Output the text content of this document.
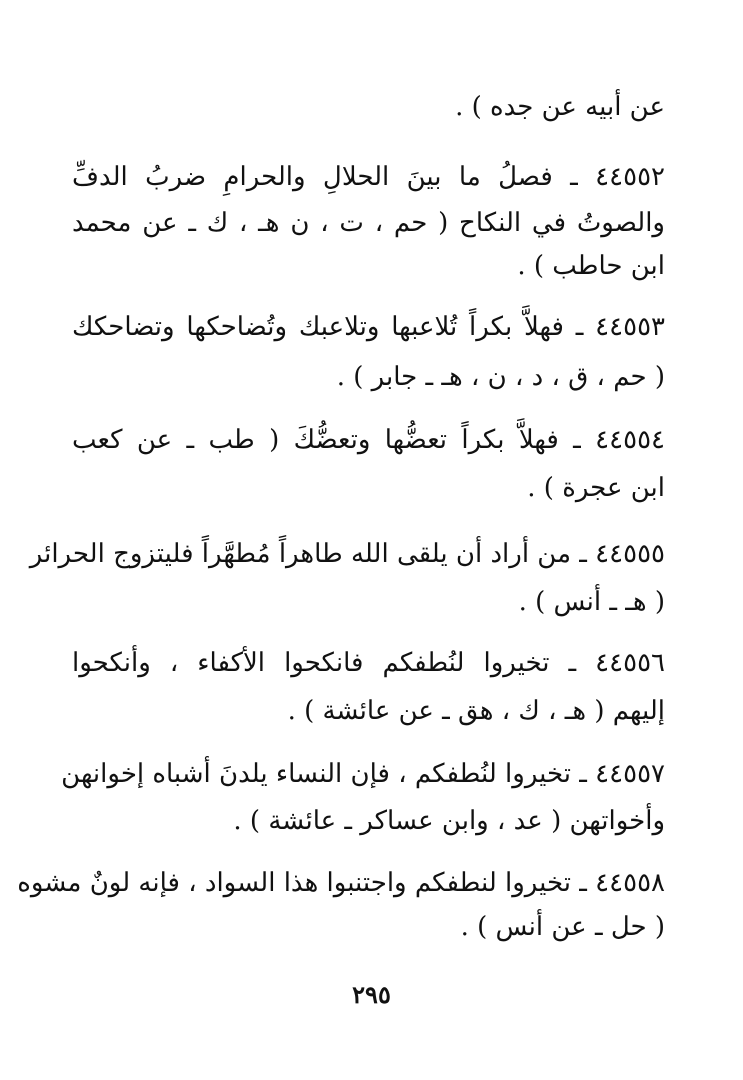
عن أبيه عن جده ) .
٤٤٥٥٢ ـ فصلُ ما بينَ الحلالِ والحرامِ ضربُ الدفِّ
والصوتُ في النكاح ( حم ، ت ، ن هـ ، ك ـ عن محمد
ابن حاطب ) .
٤٤٥٥٣ ـ فهلاَّ بكراً تُلاعبها وتلاعبك وتُضاحكها وتضاحكك
( حم ، ق ، د ، ن ، هـ ـ جابر ) .
٤٤٥٥٤ ـ فهلاَّ بكراً تعضُّها وتعضُّكَ ( طب ـ عن كعب
ابن عجرة ) .
٤٤٥٥٥ ـ من أراد أن يلقى الله طاهراً مُطهَّراً فليتزوج الحرائر
( هـ ـ أنس ) .
٤٤٥٥٦ ـ تخيروا لنُطفكم فانكحوا الأكفاء ، وأنكحوا
إليهم ( هـ ، ك ، هق ـ عن عائشة ) .
٤٤٥٥٧ ـ تخيروا لنُطفكم ، فإن النساء يلدنَ أشباه إخوانهن
وأخواتهن ( عد ، وابن عساكر ـ عائشة ) .
٤٤٥٥٨ ـ تخيروا لنطفكم واجتنبوا هذا السواد ، فإنه لونٌ مشوه
( حل ـ عن أنس ) .
٢٩٥
